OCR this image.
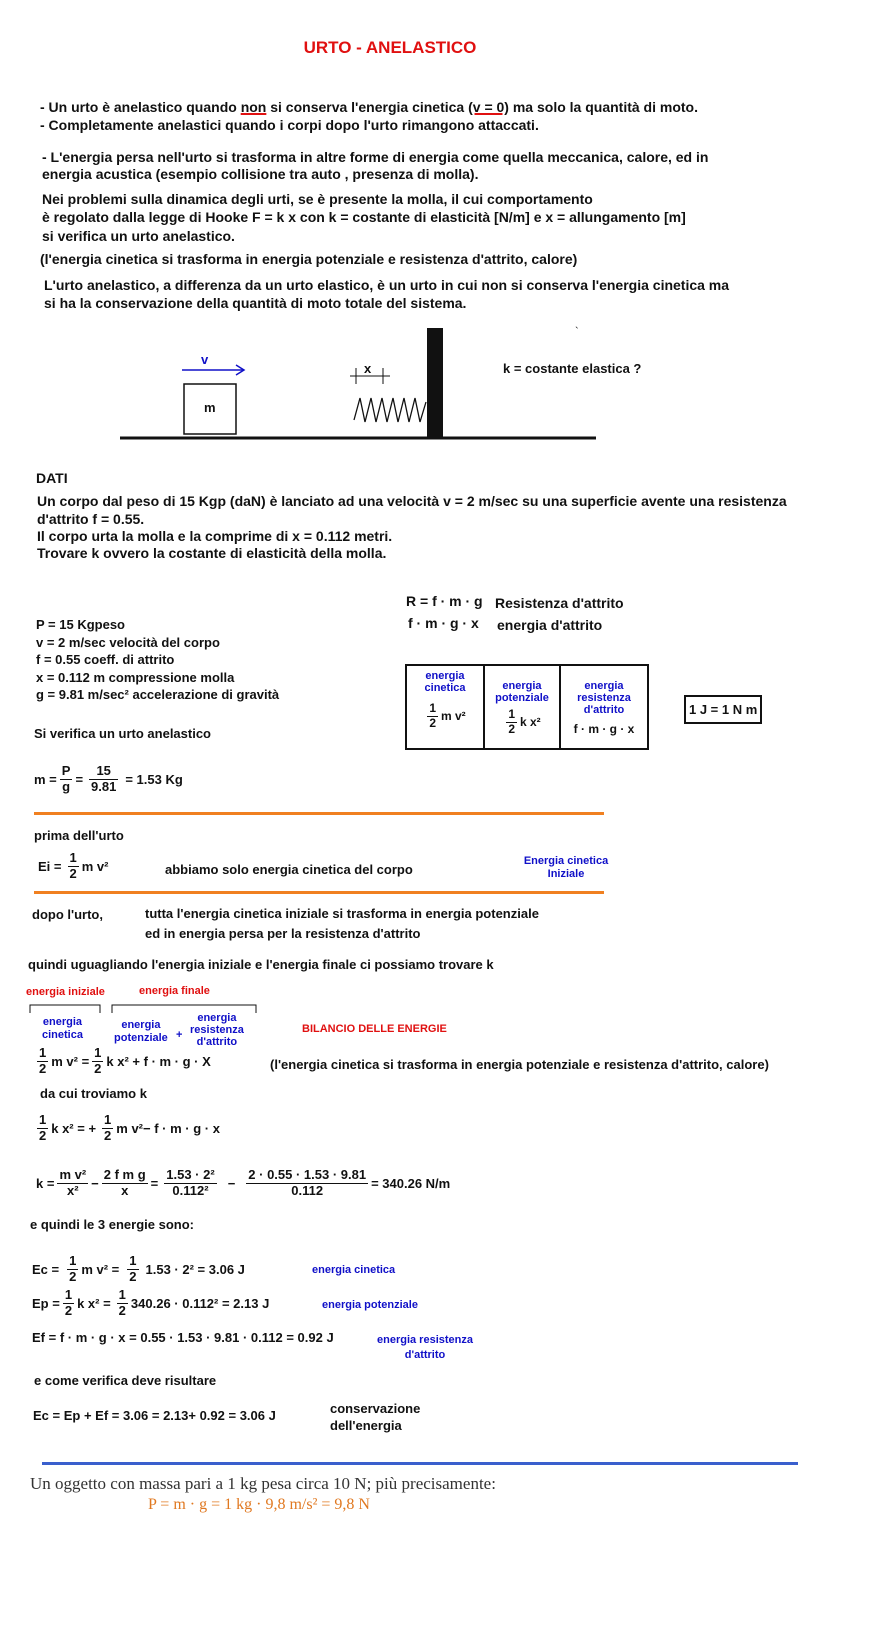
URTO - ANELASTICO
- Un urto è anelastico quando non si conserva l'energia cinetica (v = 0) ma solo la quantità di moto.
- Completamente anelastici quando i corpi dopo l'urto rimangono attaccati.
- L'energia persa nell'urto si trasforma in altre forme di energia come quella meccanica, calore, ed in
energia acustica (esempio collisione tra auto , presenza di molla).
Nei problemi sulla dinamica degli urti, se è presente la molla, il cui comportamento
è regolato dalla legge di Hooke F = k x con k = costante di elasticità [N/m] e x = allungamento [m]
si verifica un urto anelastico.
(l'energia cinetica si trasforma in energia potenziale e resistenza d'attrito, calore)
L'urto anelastico, a differenza da un urto elastico, è un urto in cui non si conserva l'energia cinetica ma
si ha la conservazione della quantità di moto totale del sistema.
v
m
x	k = costante elastica ?
`
DATI
Un corpo dal peso di 15 Kgp (daN) è lanciato ad una velocità v = 2 m/sec su una superficie avente una resistenza
d'attrito f = 0.55.
Il corpo urta la molla e la comprime di x = 0.112 metri.
Trovare k ovvero la costante di elasticità della molla.
R = f · m · g Resistenza d'attrito
f · m · g · x energia d'attrito
P = 15 Kgpeso
v = 2 m/sec velocità del corpo
f = 0.55 coeff. di attrito
x = 0.112 m compressione molla
g = 9.81 m/sec² accelerazione di gravità
energia
cinetica
$\frac{1}{2}$ m v²

energia
potenziale
$\frac{1}{2}$ k x²

energia
resistenza
d'attrito
f · m · g · x
1 J = 1 N m
Si verifica un urto anelastico
$m = \frac{P}{g} = \frac{15}{9.81} = 1.53$ Kg
prima dell'urto
$Ei = \frac{1}{2}$ m v²	abbiamo solo energia cinetica del corpo
Energia cinetica
Iniziale
dopo l'urto,	tutta l'energia cinetica iniziale si trasforma in energia potenziale
ed in energia persa per la resistenza d'attrito
quindi uguagliando l'energia iniziale e l'energia finale ci possiamo trovare k
energia iniziale	energia finale
energia
cinetica
energia
potenziale +
energia
resistenza
d'attrito
BILANCIO DELLE ENERGIE
$\frac{1}{2}$ m $v^2 = \frac{1}{2}$ k x² + f · m · g · X	(l'energia cinetica si trasforma in energia potenziale e resistenza d'attrito, calore)
da cui troviamo k
$\frac{1}{2}$ k x² = + $\frac{1}{2}$ m v²− f · m · g · x
$k = \frac{\text{m v²}}{\text{x²}} - \frac{\text{2 f m g}}{x} = \frac{\text{1.53 · 2²}}{\text{0.112²}} - \frac{2 \cdot 0.55 \cdot 1.53 \cdot 9.81}{0.112} = 340.26$ N/m
e quindi le 3 energie sono:
$Ec = \frac{1}{2}$ m $v^2 = \frac{1}{2} 1.53 \cdot 2^2 = 3.06$ J	energia cinetica
$Ep = \frac{1}{2}$ k $x^2 = \frac{1}{2} 340.26 \cdot 0.112^2 = 2.13$ J	energia potenziale
Ef = f · m · g · x = 0.55 · 1.53 · 9.81 · 0.112 = 0.92 J	energia resistenza
d'attrito
e come verifica deve risultare
Ec = Ep + Ef = 3.06 = 2.13+ 0.92 = 3.06 J	conservazione
dell'energia
Un oggetto con massa pari a 1 kg pesa circa 10 N; più precisamente:
P = m · g = 1 kg · 9,8 m/s² = 9,8 N
